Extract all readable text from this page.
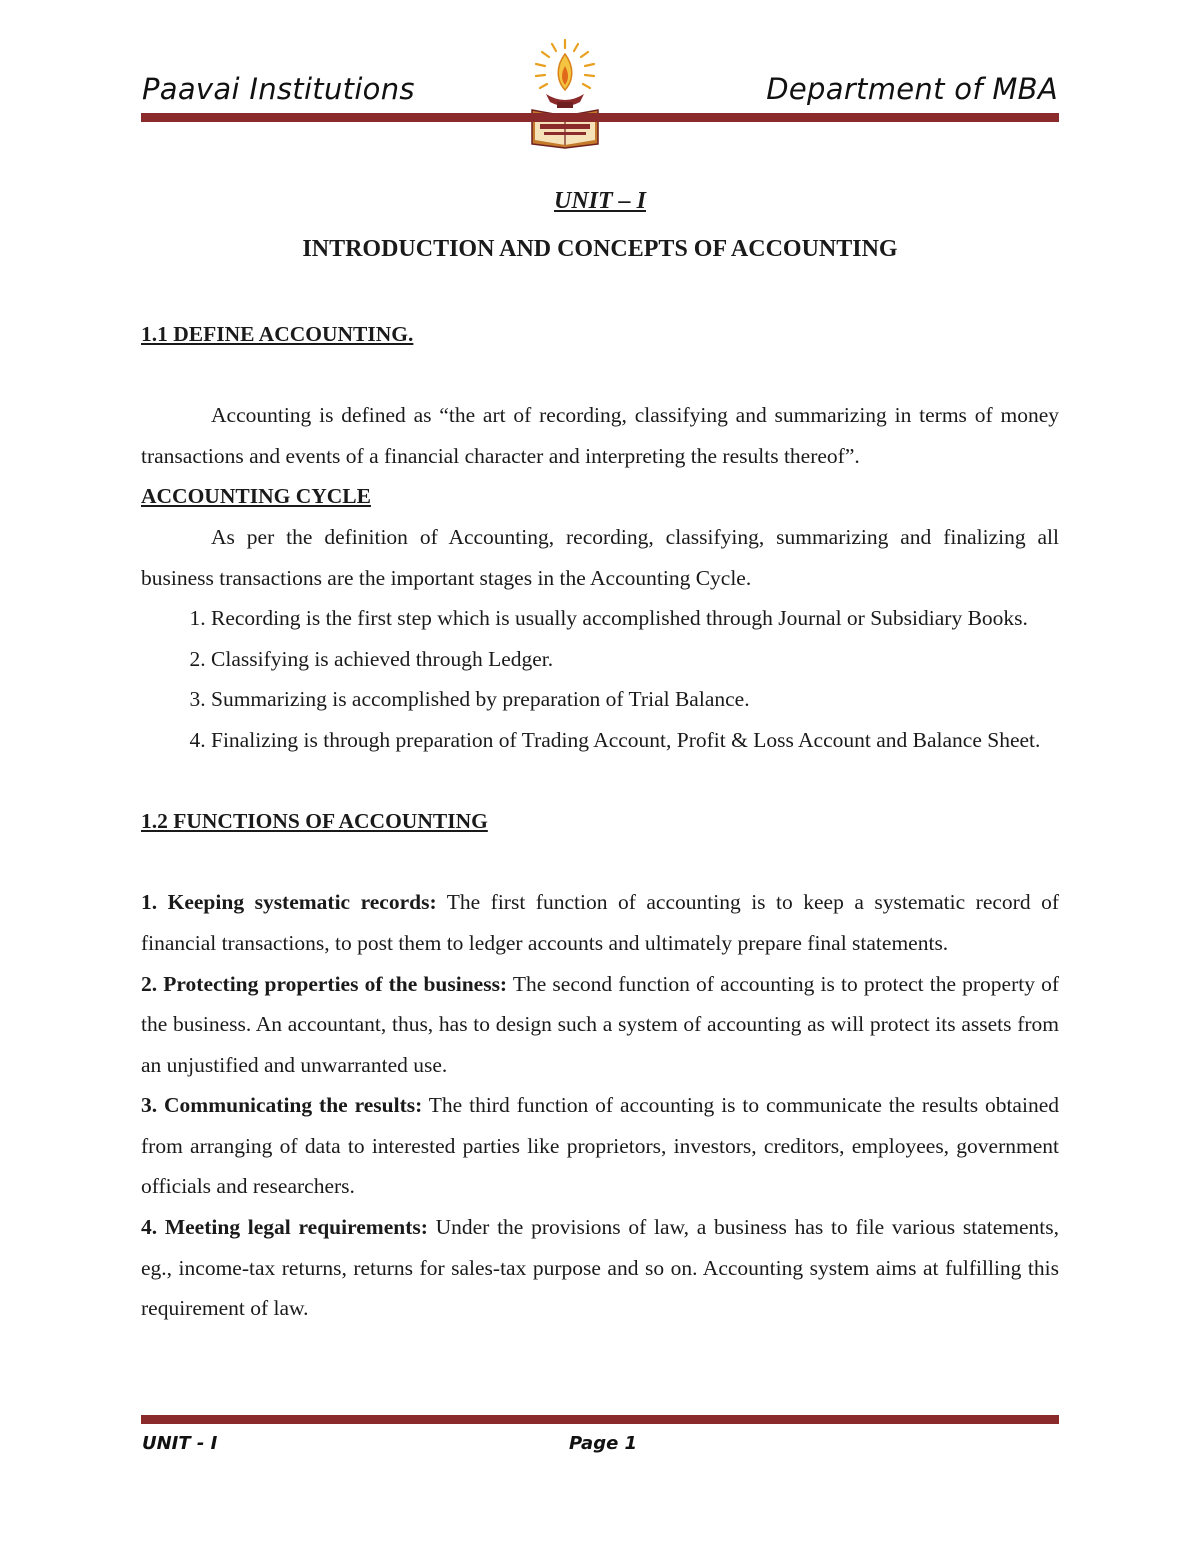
Paavai Institutions	Department of MBA
UNIT – I
INTRODUCTION AND CONCEPTS OF ACCOUNTING
1.1 DEFINE ACCOUNTING.

Accounting is defined as “the art of recording, classifying and summarizing in terms of money transactions and events of a financial character and interpreting the results thereof”.

ACCOUNTING CYCLE

As per the definition of Accounting, recording, classifying, summarizing and finalizing all business transactions are the important stages in the Accounting Cycle.

1. Recording is the first step which is usually accomplished through Journal or Subsidiary Books.
2. Classifying is achieved through Ledger.
3. Summarizing is accomplished by preparation of Trial Balance.
4. Finalizing is through preparation of Trading Account, Profit & Loss Account and Balance Sheet.
1.2 FUNCTIONS OF ACCOUNTING

1. Keeping systematic records: The first function of accounting is to keep a systematic record of financial transactions, to post them to ledger accounts and ultimately prepare final statements.

2. Protecting properties of the business: The second function of accounting is to protect the property of the business. An accountant, thus, has to design such a system of accounting as will protect its assets from an unjustified and unwarranted use.

3. Communicating the results: The third function of accounting is to communicate the results obtained from arranging of data to interested parties like proprietors, investors, creditors, employees, government officials and researchers.

4. Meeting legal requirements: Under the provisions of law, a business has to file various statements, eg., income-tax returns, returns for sales-tax purpose and so on. Accounting system aims at fulfilling this requirement of law.

UNIT - I	Page 1
